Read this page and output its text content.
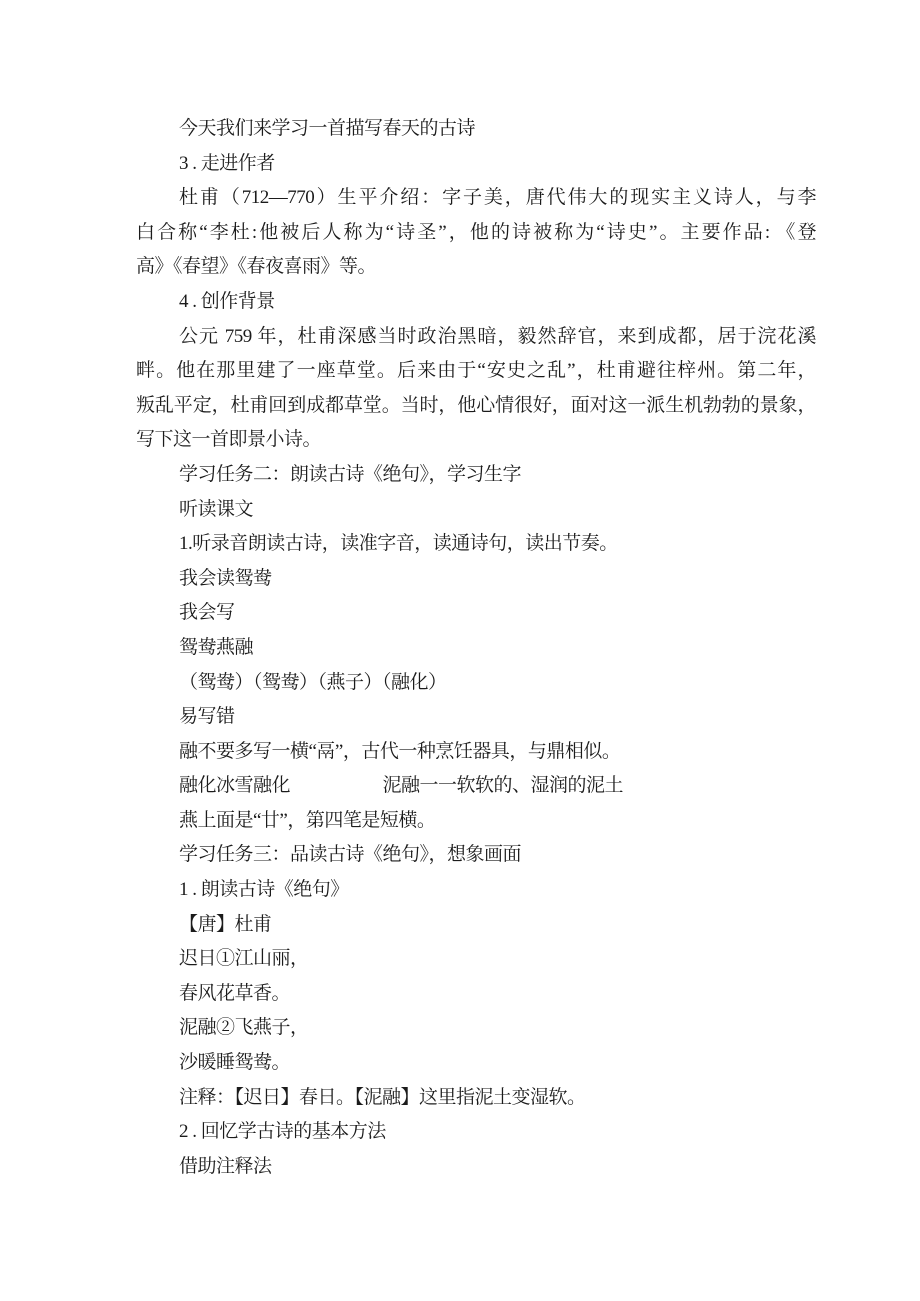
今天我们来学习一首描写春天的古诗
3 . 走进作者
杜甫（712—770）生平介绍：字子美，唐代伟大的现实主义诗人，与李
白合称“李杜:他被后人称为“诗圣”，他的诗被称为“诗史”。主要作品: 《登
高》《春望》《春夜喜雨》等。
4 . 创作背景
公元 759 年，杜甫深感当时政治黑暗，毅然辞官，来到成都，居于浣花溪
畔。他在那里建了一座草堂。后来由于“安史之乱”，杜甫避往梓州。第二年，
叛乱平定，杜甫回到成都草堂。当时，他心情很好，面对这一派生机勃勃的景象，
写下这一首即景小诗。
学习任务二：朗读古诗《绝句》，学习生字
听读课文
1.听录音朗读古诗，读准字音，读通诗句，读出节奏。
我会读鸳鸯
我会写
鸳鸯燕融
（鸳鸯）（鸳鸯）（燕子）（融化）
易写错
融不要多写一横“鬲”，古代一种烹饪器具，与鼎相似。
融化冰雪融化　　　　　泥融一一软软的、湿润的泥土
燕上面是“廿”，第四笔是短横。
学习任务三：品读古诗《绝句》，想象画面
1 . 朗读古诗《绝句》
【唐】杜甫
迟日①江山丽，
春风花草香。
泥融②飞燕子，
沙暖睡鸳鸯。
注释：【迟日】春日。【泥融】这里指泥土变湿软。
2 . 回忆学古诗的基本方法
借助注释法
